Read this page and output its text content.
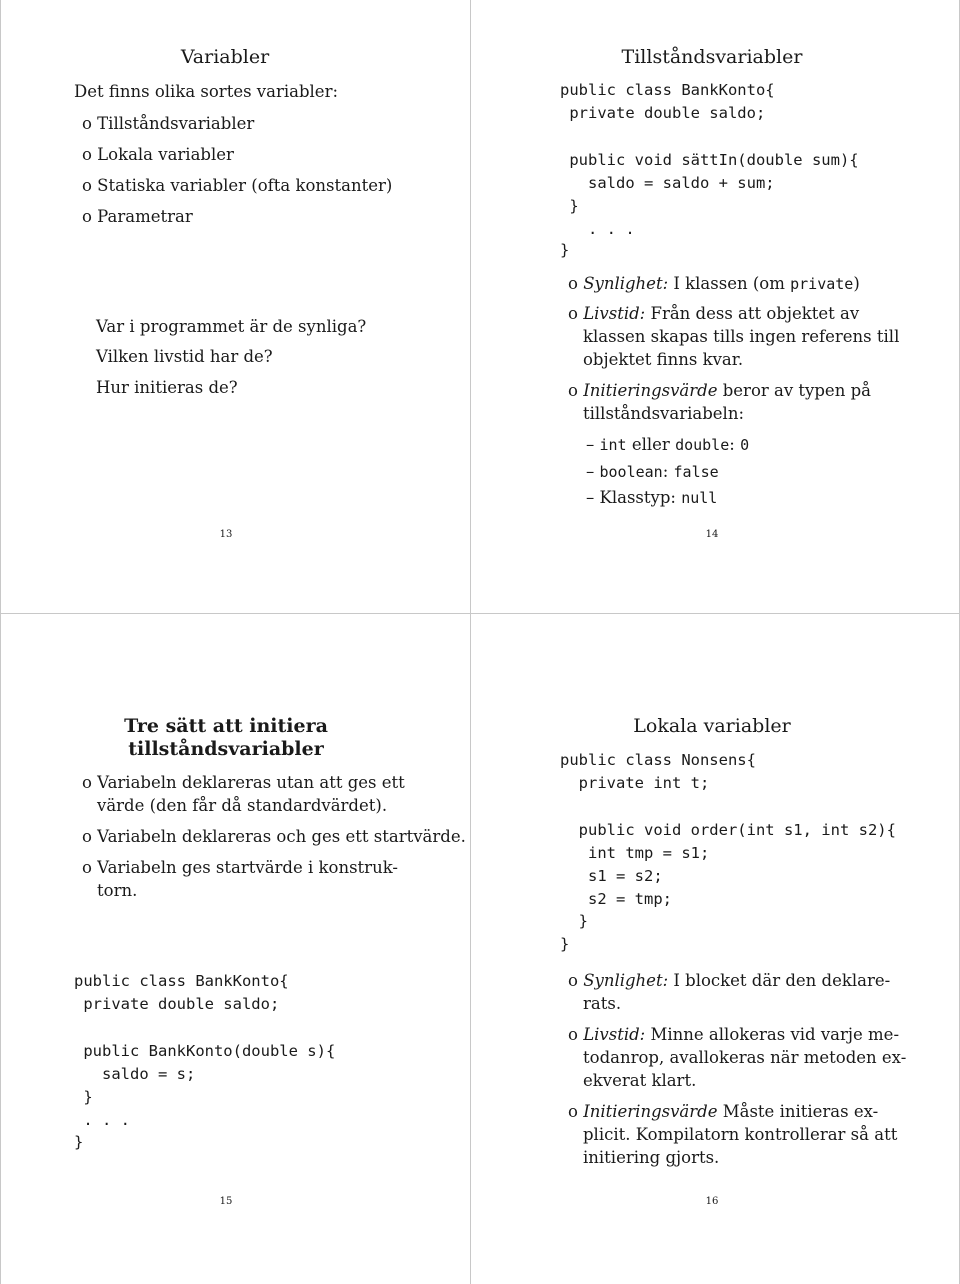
Variabler
Det finns olika sortes variabler:
o Tillståndsvariabler
o Lokala variabler
o Statiska variabler (ofta konstanter)
o Parametrar
Var i programmet är de synliga?
Vilken livstid har de?
Hur initieras de?
13
Tillståndsvariabler
public class BankKonto{
private double saldo;
public void sättIn(double sum){
saldo = saldo + sum;
}
. . .
}
o Synlighet: I klassen (om private)
o Livstid: Från dess att objektet av
klassen skapas tills ingen referens till
objektet finns kvar.
o Initieringsvärde beror av typen på
tillståndsvariabeln:
– int eller double: 0
– boolean: false
– Klasstyp: null
14
Tre sätt att initiera
tillståndsvariabler
o Variabeln deklareras utan att ges ett
värde (den får då standardvärdet).
o Variabeln deklareras och ges ett startvärde.
o Variabeln ges startvärde i konstruk-
torn.
public class BankKonto{
private double saldo;
public BankKonto(double s){
saldo = s;
}
. . .
}
15
Lokala variabler
public class Nonsens{
private int t;
public void order(int s1, int s2){
int tmp = s1;
s1 = s2;
s2 = tmp;
}
}
o Synlighet: I blocket där den deklare-
rats.
o Livstid: Minne allokeras vid varje me-
todanrop, avallokeras när metoden ex-
ekverat klart.
o Initieringsvärde Måste initieras ex-
plicit. Kompilatorn kontrollerar så att
initiering gjorts.
16
